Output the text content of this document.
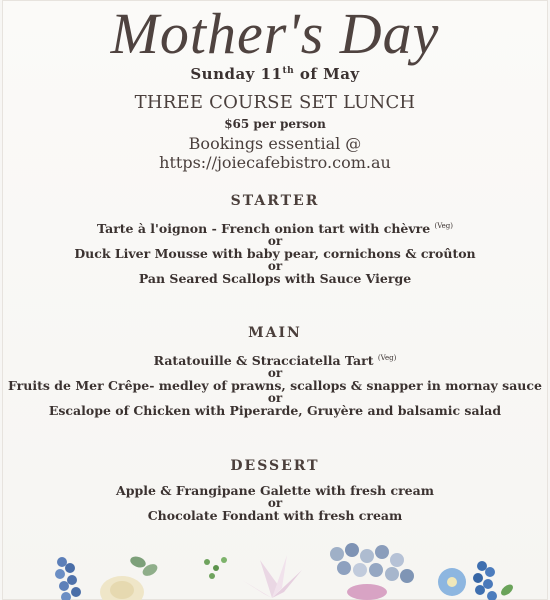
Mother's Day
Sunday 11th of May
THREE COURSE SET LUNCH
$65 per person
Bookings essential @
https://joiecafebistro.com.au
STARTER
Tarte à l'oignon - French onion tart with chèvre $^{(Veg)}$
or
Duck Liver Mousse with baby pear, cornichons & croûton
or
Pan Seared Scallops with Sauce Vierge
MAIN
Ratatouille & Stracciatella Tart $^{(Veg)}$
or
Fruits de Mer Crêpe- medley of prawns, scallops & snapper in mornay sauce
or
Escalope of Chicken with Piperarde, Gruyère and balsamic salad
DESSERT
Apple & Frangipane Galette with fresh cream
or
Chocolate Fondant with fresh cream
